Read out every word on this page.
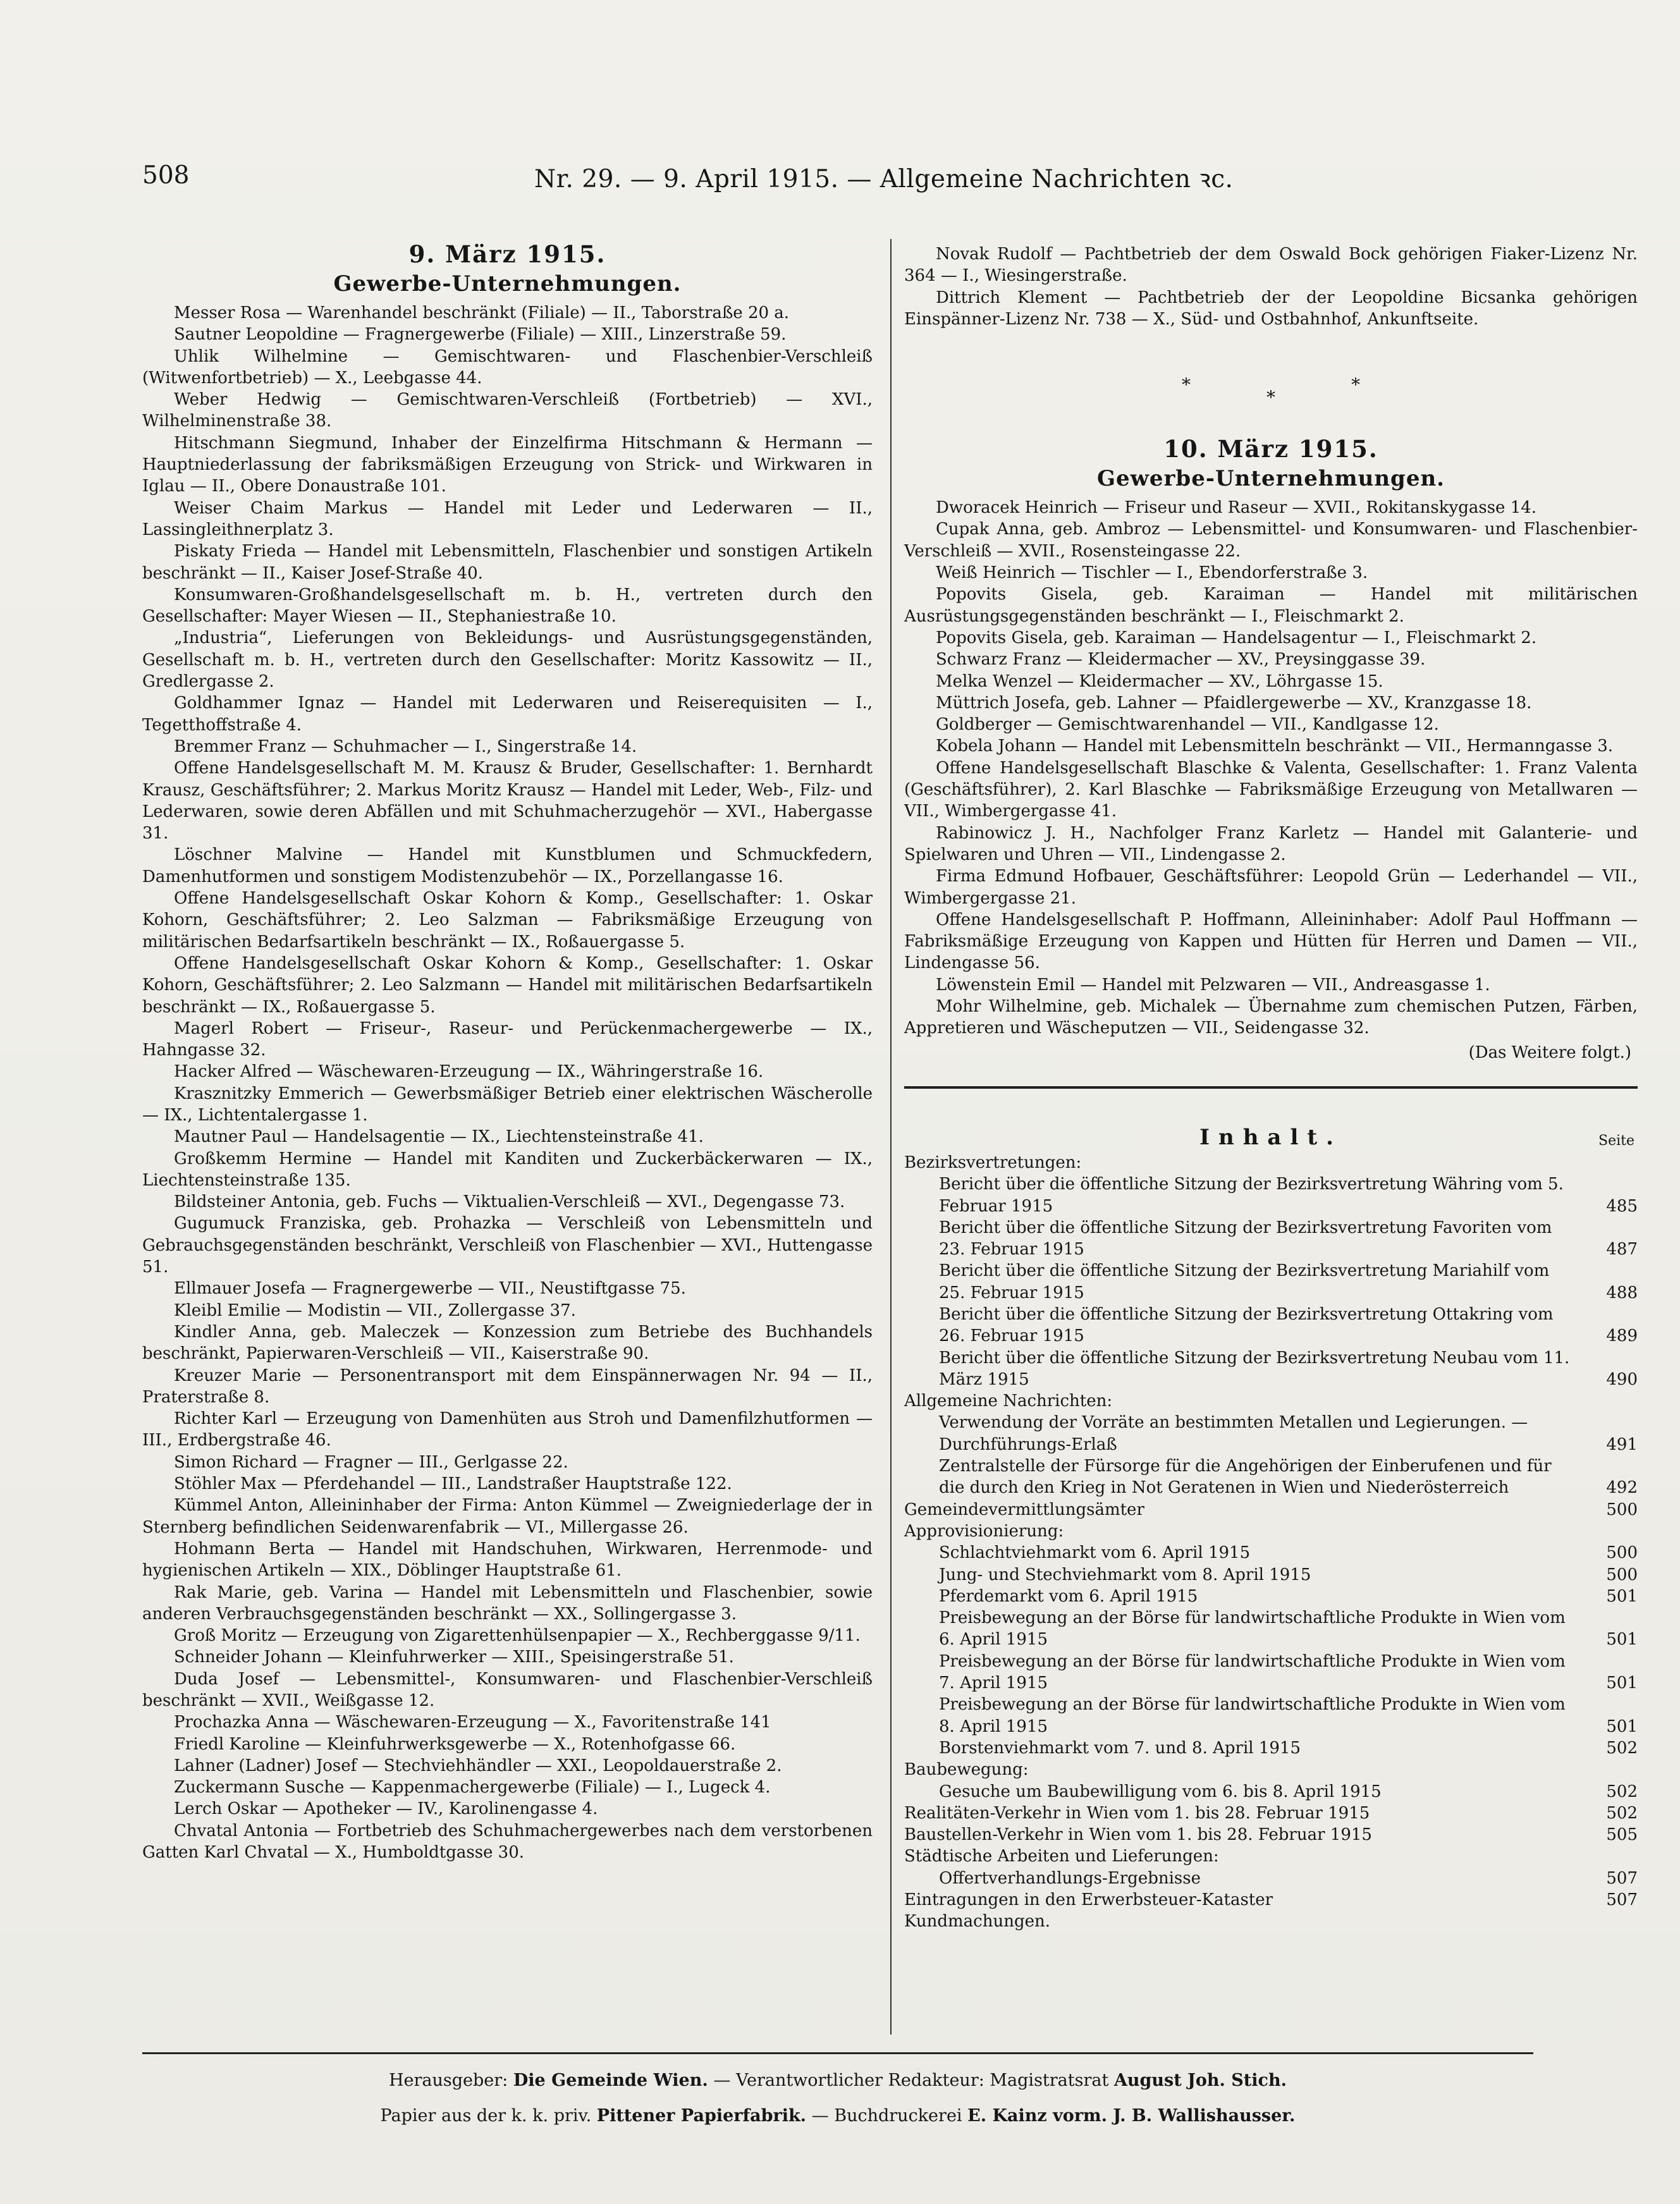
508	Nr. 29. — 9. April 1915. — Allgemeine Nachrichten ꝛc.
9. März 1915.
Gewerbe-Unternehmungen.

Messer Rosa — Warenhandel beschränkt (Filiale) — II., Taborstraße 20 a.

Sautner Leopoldine — Fragnergewerbe (Filiale) — XIII., Linzerstraße 59.

Uhlik Wilhelmine — Gemischtwaren- und Flaschenbier-Verschleiß (Witwenfortbetrieb) — X., Leebgasse 44.

Weber Hedwig — Gemischtwaren-Verschleiß (Fortbetrieb) — XVI., Wilhelminenstraße 38.

Hitschmann Siegmund, Inhaber der Einzelfirma Hitschmann & Hermann — Hauptniederlassung der fabriksmäßigen Erzeugung von Strick- und Wirkwaren in Iglau — II., Obere Donaustraße 101.

Weiser Chaim Markus — Handel mit Leder und Lederwaren — II., Lassingleithnerplatz 3.

Piskaty Frieda — Handel mit Lebensmitteln, Flaschenbier und sonstigen Artikeln beschränkt — II., Kaiser Josef-Straße 40.

Konsumwaren-Großhandelsgesellschaft m. b. H., vertreten durch den Gesellschafter: Mayer Wiesen — II., Stephaniestraße 10.

„Industria“, Lieferungen von Bekleidungs- und Ausrüstungsgegenständen, Gesellschaft m. b. H., vertreten durch den Gesellschafter: Moritz Kassowitz — II., Gredlergasse 2.

Goldhammer Ignaz — Handel mit Lederwaren und Reiserequisiten — I., Tegetthoffstraße 4.

Bremmer Franz — Schuhmacher — I., Singerstraße 14.

Offene Handelsgesellschaft M. M. Krausz & Bruder, Gesellschafter: 1. Bernhardt Krausz, Geschäftsführer; 2. Markus Moritz Krausz — Handel mit Leder, Web-, Filz- und Lederwaren, sowie deren Abfällen und mit Schuhmacherzugehör — XVI., Habergasse 31.

Löschner Malvine — Handel mit Kunstblumen und Schmuckfedern, Damenhutformen und sonstigem Modistenzubehör — IX., Porzellangasse 16.

Offene Handelsgesellschaft Oskar Kohorn & Komp., Gesellschafter: 1. Oskar Kohorn, Geschäftsführer; 2. Leo Salzman — Fabriksmäßige Erzeugung von militärischen Bedarfsartikeln beschränkt — IX., Roßauergasse 5.

Offene Handelsgesellschaft Oskar Kohorn & Komp., Gesellschafter: 1. Oskar Kohorn, Geschäftsführer; 2. Leo Salzmann — Handel mit militärischen Bedarfsartikeln beschränkt — IX., Roßauergasse 5.

Magerl Robert — Friseur-, Raseur- und Perückenmachergewerbe — IX., Hahngasse 32.

Hacker Alfred — Wäschewaren-Erzeugung — IX., Währingerstraße 16.

Krasznitzky Emmerich — Gewerbsmäßiger Betrieb einer elektrischen Wäscherolle — IX., Lichtentalergasse 1.

Mautner Paul — Handelsagentie — IX., Liechtensteinstraße 41.

Großkemm Hermine — Handel mit Kanditen und Zuckerbäckerwaren — IX., Liechtensteinstraße 135.

Bildsteiner Antonia, geb. Fuchs — Viktualien-Verschleiß — XVI., Degengasse 73.

Gugumuck Franziska, geb. Prohazka — Verschleiß von Lebensmitteln und Gebrauchsgegenständen beschränkt, Verschleiß von Flaschenbier — XVI., Huttengasse 51.

Ellmauer Josefa — Fragnergewerbe — VII., Neustiftgasse 75.

Kleibl Emilie — Modistin — VII., Zollergasse 37.

Kindler Anna, geb. Maleczek — Konzession zum Betriebe des Buchhandels beschränkt, Papierwaren-Verschleiß — VII., Kaiserstraße 90.

Kreuzer Marie — Personentransport mit dem Einspännerwagen Nr. 94 — II., Praterstraße 8.

Richter Karl — Erzeugung von Damenhüten aus Stroh und Damenfilzhutformen — III., Erdbergstraße 46.

Simon Richard — Fragner — III., Gerlgasse 22.

Stöhler Max — Pferdehandel — III., Landstraßer Hauptstraße 122.

Kümmel Anton, Alleininhaber der Firma: Anton Kümmel — Zweigniederlage der in Sternberg befindlichen Seidenwarenfabrik — VI., Millergasse 26.

Hohmann Berta — Handel mit Handschuhen, Wirkwaren, Herrenmode- und hygienischen Artikeln — XIX., Döblinger Hauptstraße 61.

Rak Marie, geb. Varina — Handel mit Lebensmitteln und Flaschenbier, sowie anderen Verbrauchsgegenständen beschränkt — XX., Sollingergasse 3.

Groß Moritz — Erzeugung von Zigarettenhülsenpapier — X., Rechberggasse 9/11.

Schneider Johann — Kleinfuhrwerker — XIII., Speisingerstraße 51.

Duda Josef — Lebensmittel-, Konsumwaren- und Flaschenbier-Verschleiß beschränkt — XVII., Weißgasse 12.

Prochazka Anna — Wäschewaren-Erzeugung — X., Favoritenstraße 141

Friedl Karoline — Kleinfuhrwerksgewerbe — X., Rotenhofgasse 66.

Lahner (Ladner) Josef — Stechviehhändler — XXI., Leopoldauerstraße 2.

Zuckermann Susche — Kappenmachergewerbe (Filiale) — I., Lugeck 4.

Lerch Oskar — Apotheker — IV., Karolinengasse 4.

Chvatal Antonia — Fortbetrieb des Schuhmachergewerbes nach dem verstorbenen Gatten Karl Chvatal — X., Humboldtgasse 30.

Novak Rudolf — Pachtbetrieb der dem Oswald Bock gehörigen Fiaker-Lizenz Nr. 364 — I., Wiesingerstraße.

Dittrich Klement — Pachtbetrieb der der Leopoldine Bicsanka gehörigen Einspänner-Lizenz Nr. 738 — X., Süd- und Ostbahnhof, Ankunftseite.

***
10. März 1915.
Gewerbe-Unternehmungen.

Dworacek Heinrich — Friseur und Raseur — XVII., Rokitanskygasse 14.

Cupak Anna, geb. Ambroz — Lebensmittel- und Konsumwaren- und Flaschenbier-Verschleiß — XVII., Rosensteingasse 22.

Weiß Heinrich — Tischler — I., Ebendorferstraße 3.

Popovits Gisela, geb. Karaiman — Handel mit militärischen Ausrüstungsgegenständen beschränkt — I., Fleischmarkt 2.

Popovits Gisela, geb. Karaiman — Handelsagentur — I., Fleischmarkt 2.

Schwarz Franz — Kleidermacher — XV., Preysinggasse 39.

Melka Wenzel — Kleidermacher — XV., Löhrgasse 15.

Müttrich Josefa, geb. Lahner — Pfaidlergewerbe — XV., Kranzgasse 18.

Goldberger — Gemischtwarenhandel — VII., Kandlgasse 12.

Kobela Johann — Handel mit Lebensmitteln beschränkt — VII., Hermanngasse 3.

Offene Handelsgesellschaft Blaschke & Valenta, Gesellschafter: 1. Franz Valenta (Geschäftsführer), 2. Karl Blaschke — Fabriksmäßige Erzeugung von Metallwaren — VII., Wimbergergasse 41.

Rabinowicz J. H., Nachfolger Franz Karletz — Handel mit Galanterie- und Spielwaren und Uhren — VII., Lindengasse 2.

Firma Edmund Hofbauer, Geschäftsführer: Leopold Grün — Lederhandel — VII., Wimbergergasse 21.

Offene Handelsgesellschaft P. Hoffmann, Alleininhaber: Adolf Paul Hoffmann — Fabriksmäßige Erzeugung von Kappen und Hütten für Herren und Damen — VII., Lindengasse 56.

Löwenstein Emil — Handel mit Pelzwaren — VII., Andreasgasse 1.

Mohr Wilhelmine, geb. Michalek — Übernahme zum chemischen Putzen, Färben, Appretieren und Wäscheputzen — VII., Seidengasse 32.

(Das Weitere folgt.)
Inhalt.	Seite
Bezirksvertretungen:
Bericht über die öffentliche Sitzung der Bezirksvertretung Währing vom 5. Februar 1915	485
Bericht über die öffentliche Sitzung der Bezirksvertretung Favoriten vom 23. Februar 1915	487
Bericht über die öffentliche Sitzung der Bezirksvertretung Mariahilf vom 25. Februar 1915	488
Bericht über die öffentliche Sitzung der Bezirksvertretung Ottakring vom 26. Februar 1915	489
Bericht über die öffentliche Sitzung der Bezirksvertretung Neubau vom 11. März 1915	490
Allgemeine Nachrichten:
Verwendung der Vorräte an bestimmten Metallen und Legierungen. — Durchführungs-Erlaß	491
Zentralstelle der Fürsorge für die Angehörigen der Einberufenen und für die durch den Krieg in Not Geratenen in Wien und Niederösterreich	492
Gemeindevermittlungsämter	500
Approvisionierung:
Schlachtviehmarkt vom 6. April 1915	500
Jung- und Stechviehmarkt vom 8. April 1915	500
Pferdemarkt vom 6. April 1915	501
Preisbewegung an der Börse für landwirtschaftliche Produkte in Wien vom 6. April 1915	501
Preisbewegung an der Börse für landwirtschaftliche Produkte in Wien vom 7. April 1915	501
Preisbewegung an der Börse für landwirtschaftliche Produkte in Wien vom 8. April 1915	501
Borstenviehmarkt vom 7. und 8. April 1915	502
Baubewegung:
Gesuche um Baubewilligung vom 6. bis 8. April 1915	502
Realitäten-Verkehr in Wien vom 1. bis 28. Februar 1915	502
Baustellen-Verkehr in Wien vom 1. bis 28. Februar 1915	505
Städtische Arbeiten und Lieferungen:
Offertverhandlungs-Ergebnisse	507
Eintragungen in den Erwerbsteuer-Kataster	507
Kundmachungen.
Herausgeber: Die Gemeinde Wien. — Verantwortlicher Redakteur: Magistratsrat August Joh. Stich.
Papier aus der k. k. priv. Pittener Papierfabrik. — Buchdruckerei E. Kainz vorm. J. B. Wallishausser.
